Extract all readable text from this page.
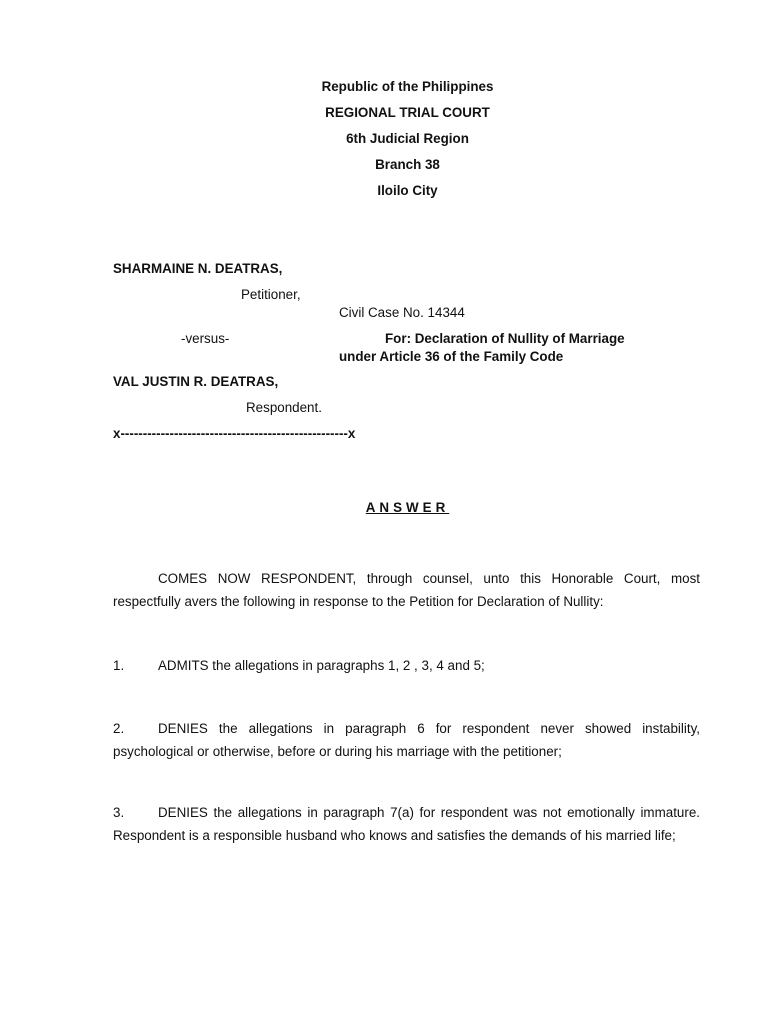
Republic of the Philippines
REGIONAL TRIAL COURT
6th Judicial Region
Branch 38
Iloilo City
SHARMAINE N. DEATRAS,
Petitioner,
Civil Case No. 14344
-versus-	For: Declaration of Nullity of Marriage
under Article 36 of the Family Code
VAL JUSTIN R. DEATRAS,
Respondent.
x---------------------------------------------------x
ANSWER
COMES NOW RESPONDENT, through counsel, unto this Honorable Court, most respectfully avers the following in response to the Petition for Declaration of Nullity:
1.	ADMITS the allegations in paragraphs 1, 2 , 3, 4 and 5;
2.	DENIES the allegations in paragraph 6 for respondent never showed instability, psychological or otherwise, before or during his marriage with the petitioner;
3.	DENIES the allegations in paragraph 7(a) for respondent was not emotionally immature. Respondent is a responsible husband who knows and satisfies the demands of his married life;
